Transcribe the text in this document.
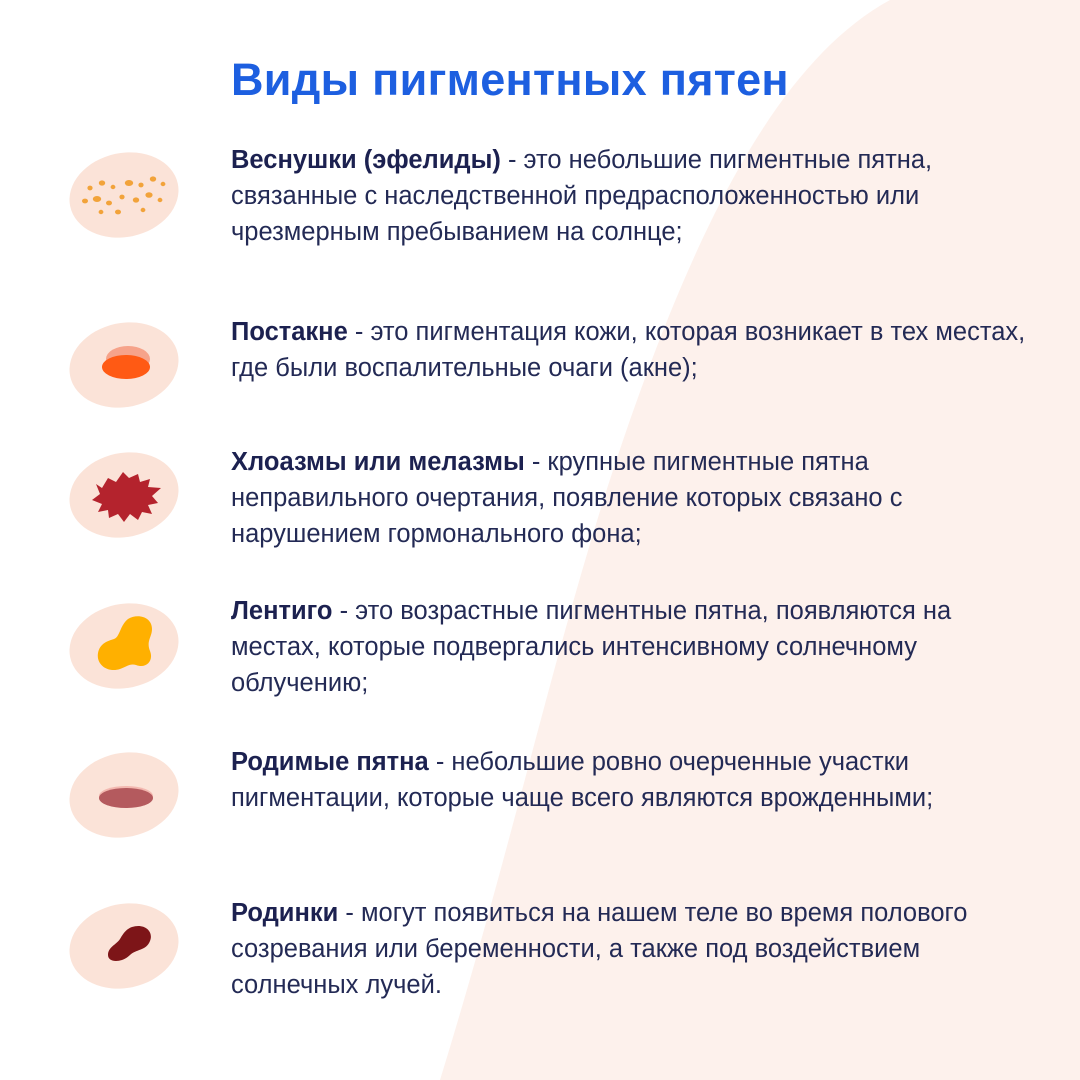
Виды пигментных пятен

Веснушки (эфелиды) - это небольшие пигментные пятна, связанные с наследственной предрасположенностью или чрезмерным пребыванием на солнце;

Постакне - это пигментация кожи, которая возникает в тех местах, где были воспалительные очаги (акне);

Хлоазмы или мелазмы - крупные пигментные пятна неправильного очертания, появление которых связано с нарушением гормонального фона;

Лентиго - это возрастные пигментные пятна, появляются на местах, которые подвергались интенсивному солнечному облучению;

Родимые пятна - небольшие ровно очерченные участки пигментации, которые чаще всего являются врожденными;

Родинки - могут появиться на нашем теле во время полового созревания или беременности, а также под воздействием солнечных лучей.
